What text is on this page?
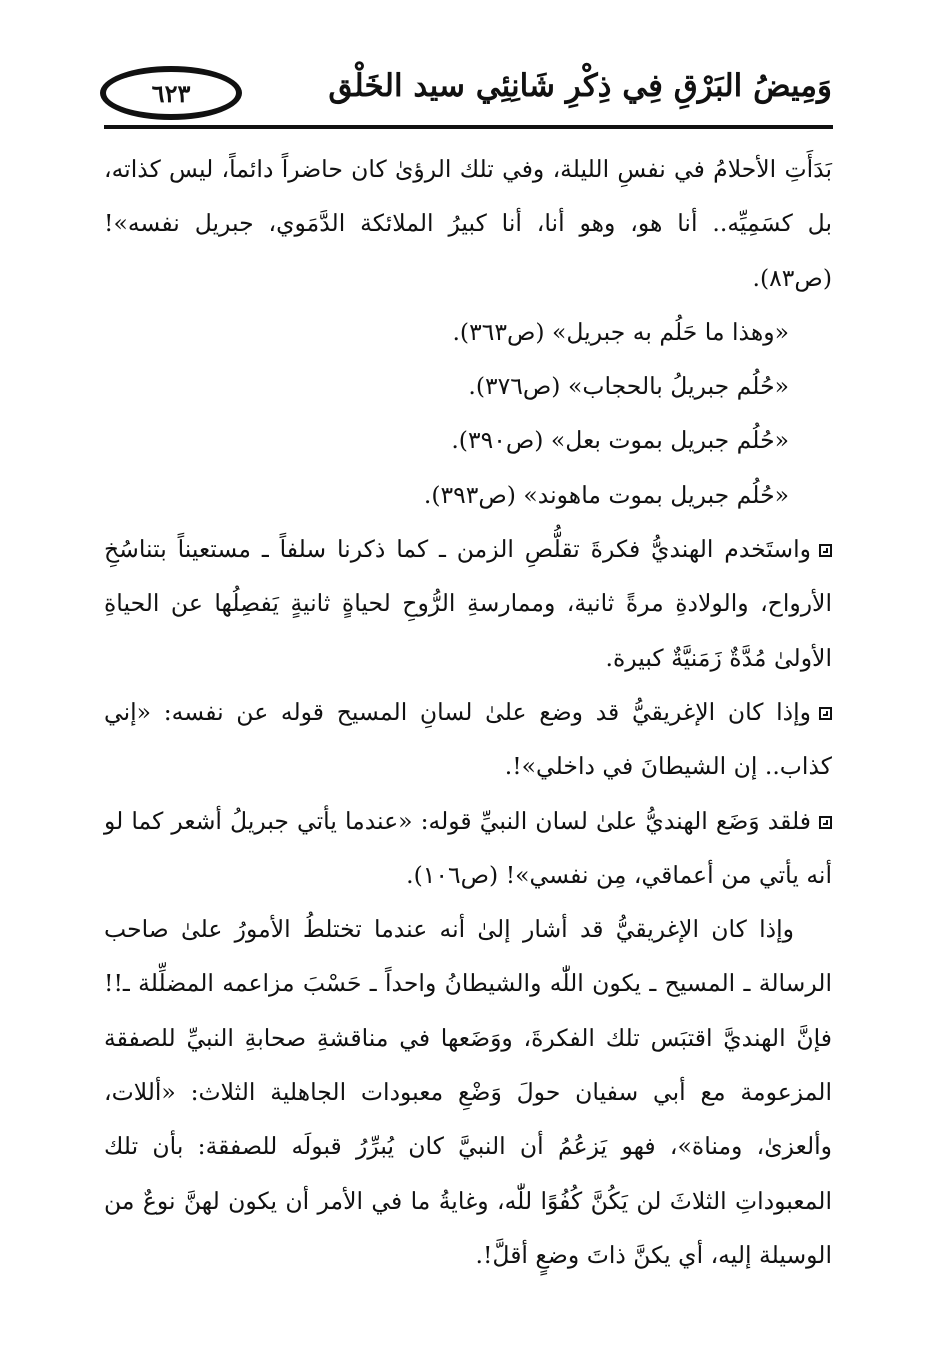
وَمِيضُ البَرْقِ فِي ذِكْرِ شَانِئِي سيد الخَلْق
٦٢٣

بَدَأَتِ الأحلامُ في نفسِ الليلة، وفي تلك الرؤىٰ كان حاضراً دائماً، ليس كذاته، بل كسَمِيِّه.. أنا هو، وهو أنا، أنا كبيرُ الملائكة الدَّمَوي، جبريل نفسه»! (ص٨٣).

«وهذا ما حَلُم به جبريل» (ص٣٦٣).

«حُلُم جبريلُ بالحجاب» (ص٣٧٦).

«حُلُم جبريل بموت بعل» (ص٣٩٠).

«حُلُم جبريل بموت ماهوند» (ص٣٩٣).

واستَخدم الهنديُّ فكرةَ تقلُّصِ الزمن ـ كما ذكرنا سلفاً ـ مستعيناً بتناسُخِ الأرواح، والولادةِ مرةً ثانية، وممارسةِ الرُّوحِ لحياةٍ ثانيةٍ يَفصِلُها عن الحياةِ الأولىٰ مُدَّةٌ زَمَنيَّةٌ كبيرة.

وإذا كان الإغريقيُّ قد وضع علىٰ لسانِ المسيح قوله عن نفسه: «إني كذاب.. إن الشيطانَ في داخلي»!.

فلقد وَضَع الهنديُّ علىٰ لسان النبيِّ قوله: «عندما يأتي جبريلُ أشعر كما لو أنه يأتي من أعماقي، مِن نفسي»! (ص١٠٦).

وإذا كان الإغريقيُّ قد أشار إلىٰ أنه عندما تختلطُ الأمورُ علىٰ صاحب الرسالة ـ المسيح ـ يكون اللّٰه والشيطانُ واحداً ـ حَسْبَ مزاعمه المضلِّلة ـ!! فإنَّ الهنديَّ اقتبَس تلك الفكرةَ، ووَضَعها في مناقشةِ صحابةِ النبيِّ للصفقة المزعومة مع أبي سفيان حولَ وَضْعِ معبودات الجاهلية الثلاث: «أللات، وألعزىٰ، ومناة»، فهو يَزعُمُ أن النبيَّ كان يُبرِّرُ قبولَه للصفقة: بأن تلك المعبوداتِ الثلاثَ لن يَكُنَّ كُفُوًا للّٰه، وغايةُ ما في الأمر أن يكون لهنَّ نوعٌ من الوسيلة إليه، أي يكنَّ ذاتَ وضعٍ أقلَّ!.
